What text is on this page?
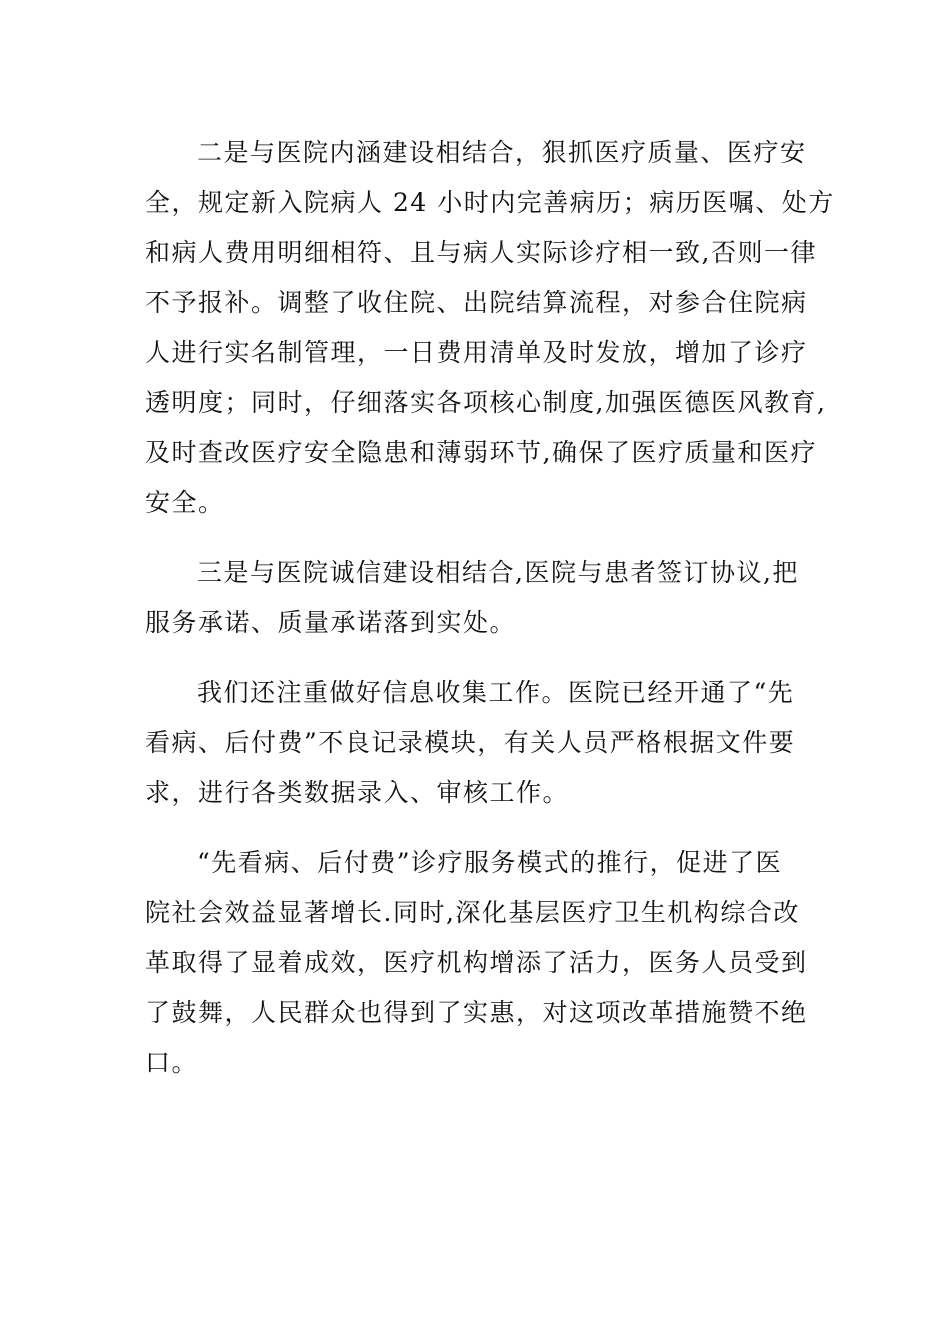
二是与医院内涵建设相结合，狠抓医疗质量、医疗安
全，规定新入院病人 24 小时内完善病历；病历医嘱、处方
和病人费用明细相符、且与病人实际诊疗相一致,否则一律
不予报补。调整了收住院、出院结算流程，对参合住院病
人进行实名制管理，一日费用清单及时发放，增加了诊疗
透明度；同时，仔细落实各项核心制度,加强医德医风教育,
及时查改医疗安全隐患和薄弱环节,确保了医疗质量和医疗
安全。

三是与医院诚信建设相结合,医院与患者签订协议,把
服务承诺、质量承诺落到实处。

我们还注重做好信息收集工作。医院已经开通了“先
看病、后付费”不良记录模块，有关人员严格根据文件要
求，进行各类数据录入、审核工作。

“先看病、后付费”诊疗服务模式的推行，促进了医
院社会效益显著增长.同时,深化基层医疗卫生机构综合改
革取得了显着成效，医疗机构增添了活力，医务人员受到
了鼓舞，人民群众也得到了实惠，对这项改革措施赞不绝
口。
